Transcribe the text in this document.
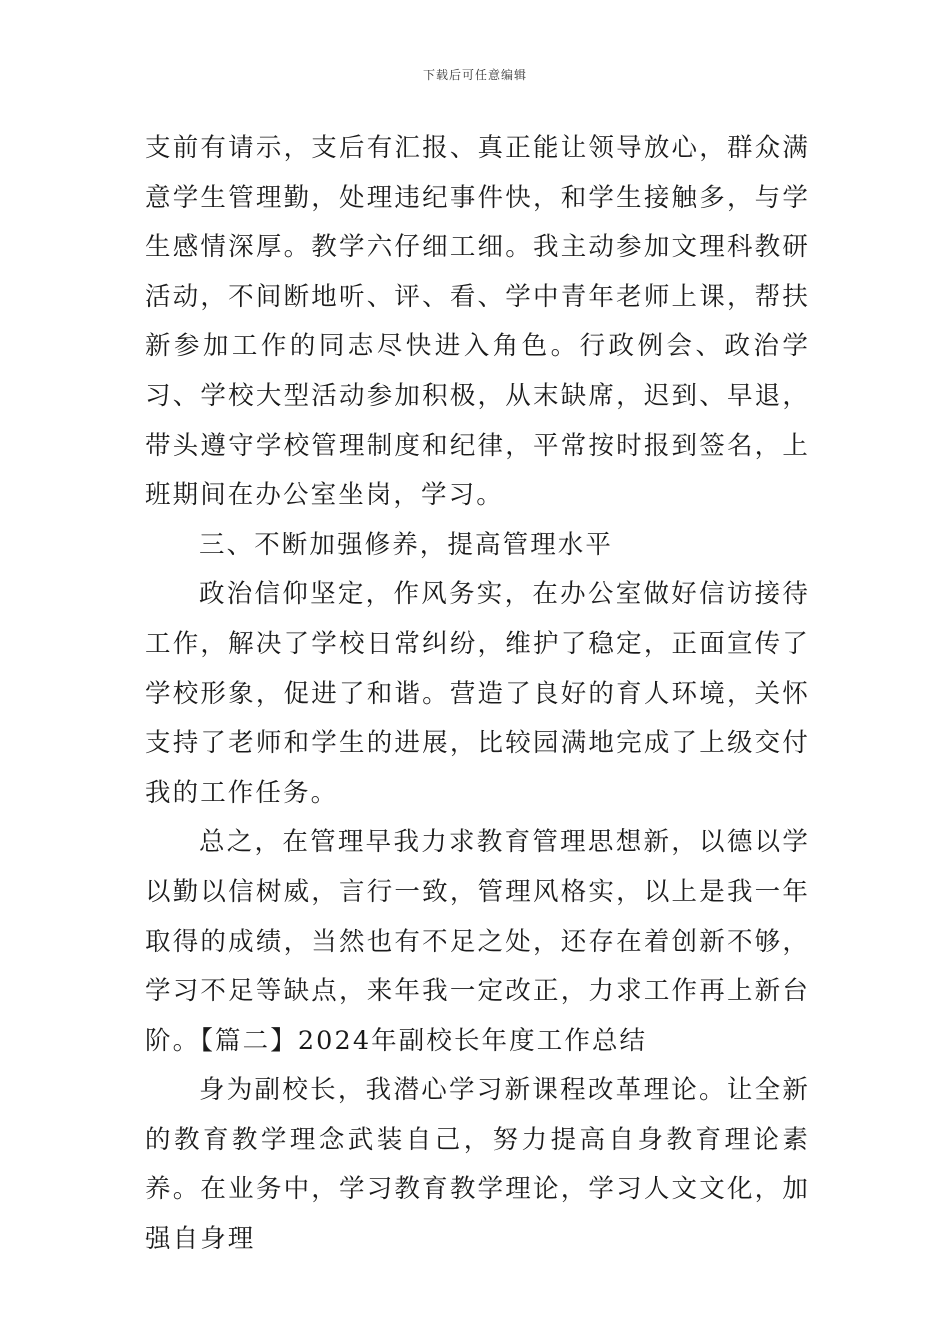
下载后可任意编辑

支前有请示，支后有汇报、真正能让领导放心，群众满意学生管理勤，处理违纪事件快，和学生接触多，与学生感情深厚。教学六仔细工细。我主动参加文理科教研活动，不间断地听、评、看、学中青年老师上课，帮扶新参加工作的同志尽快进入角色。行政例会、政治学习、学校大型活动参加积极，从末缺席，迟到、早退，带头遵守学校管理制度和纪律，平常按时报到签名，上班期间在办公室坐岗，学习。

三、不断加强修养，提高管理水平

政治信仰坚定，作风务实，在办公室做好信访接待工作，解决了学校日常纠纷，维护了稳定，正面宣传了学校形象，促进了和谐。营造了良好的育人环境，关怀支持了老师和学生的进展，比较园满地完成了上级交付我的工作任务。

总之，在管理早我力求教育管理思想新，以德以学以勤以信树威，言行一致，管理风格实，以上是我一年取得的成绩，当然也有不足之处，还存在着创新不够，学习不足等缺点，来年我一定改正，力求工作再上新台阶。【篇二】2024年副校长年度工作总结

身为副校长，我潜心学习新课程改革理论。让全新的教育教学理念武装自己，努力提高自身教育理论素养。在业务中，学习教育教学理论，学习人文文化，加强自身理
